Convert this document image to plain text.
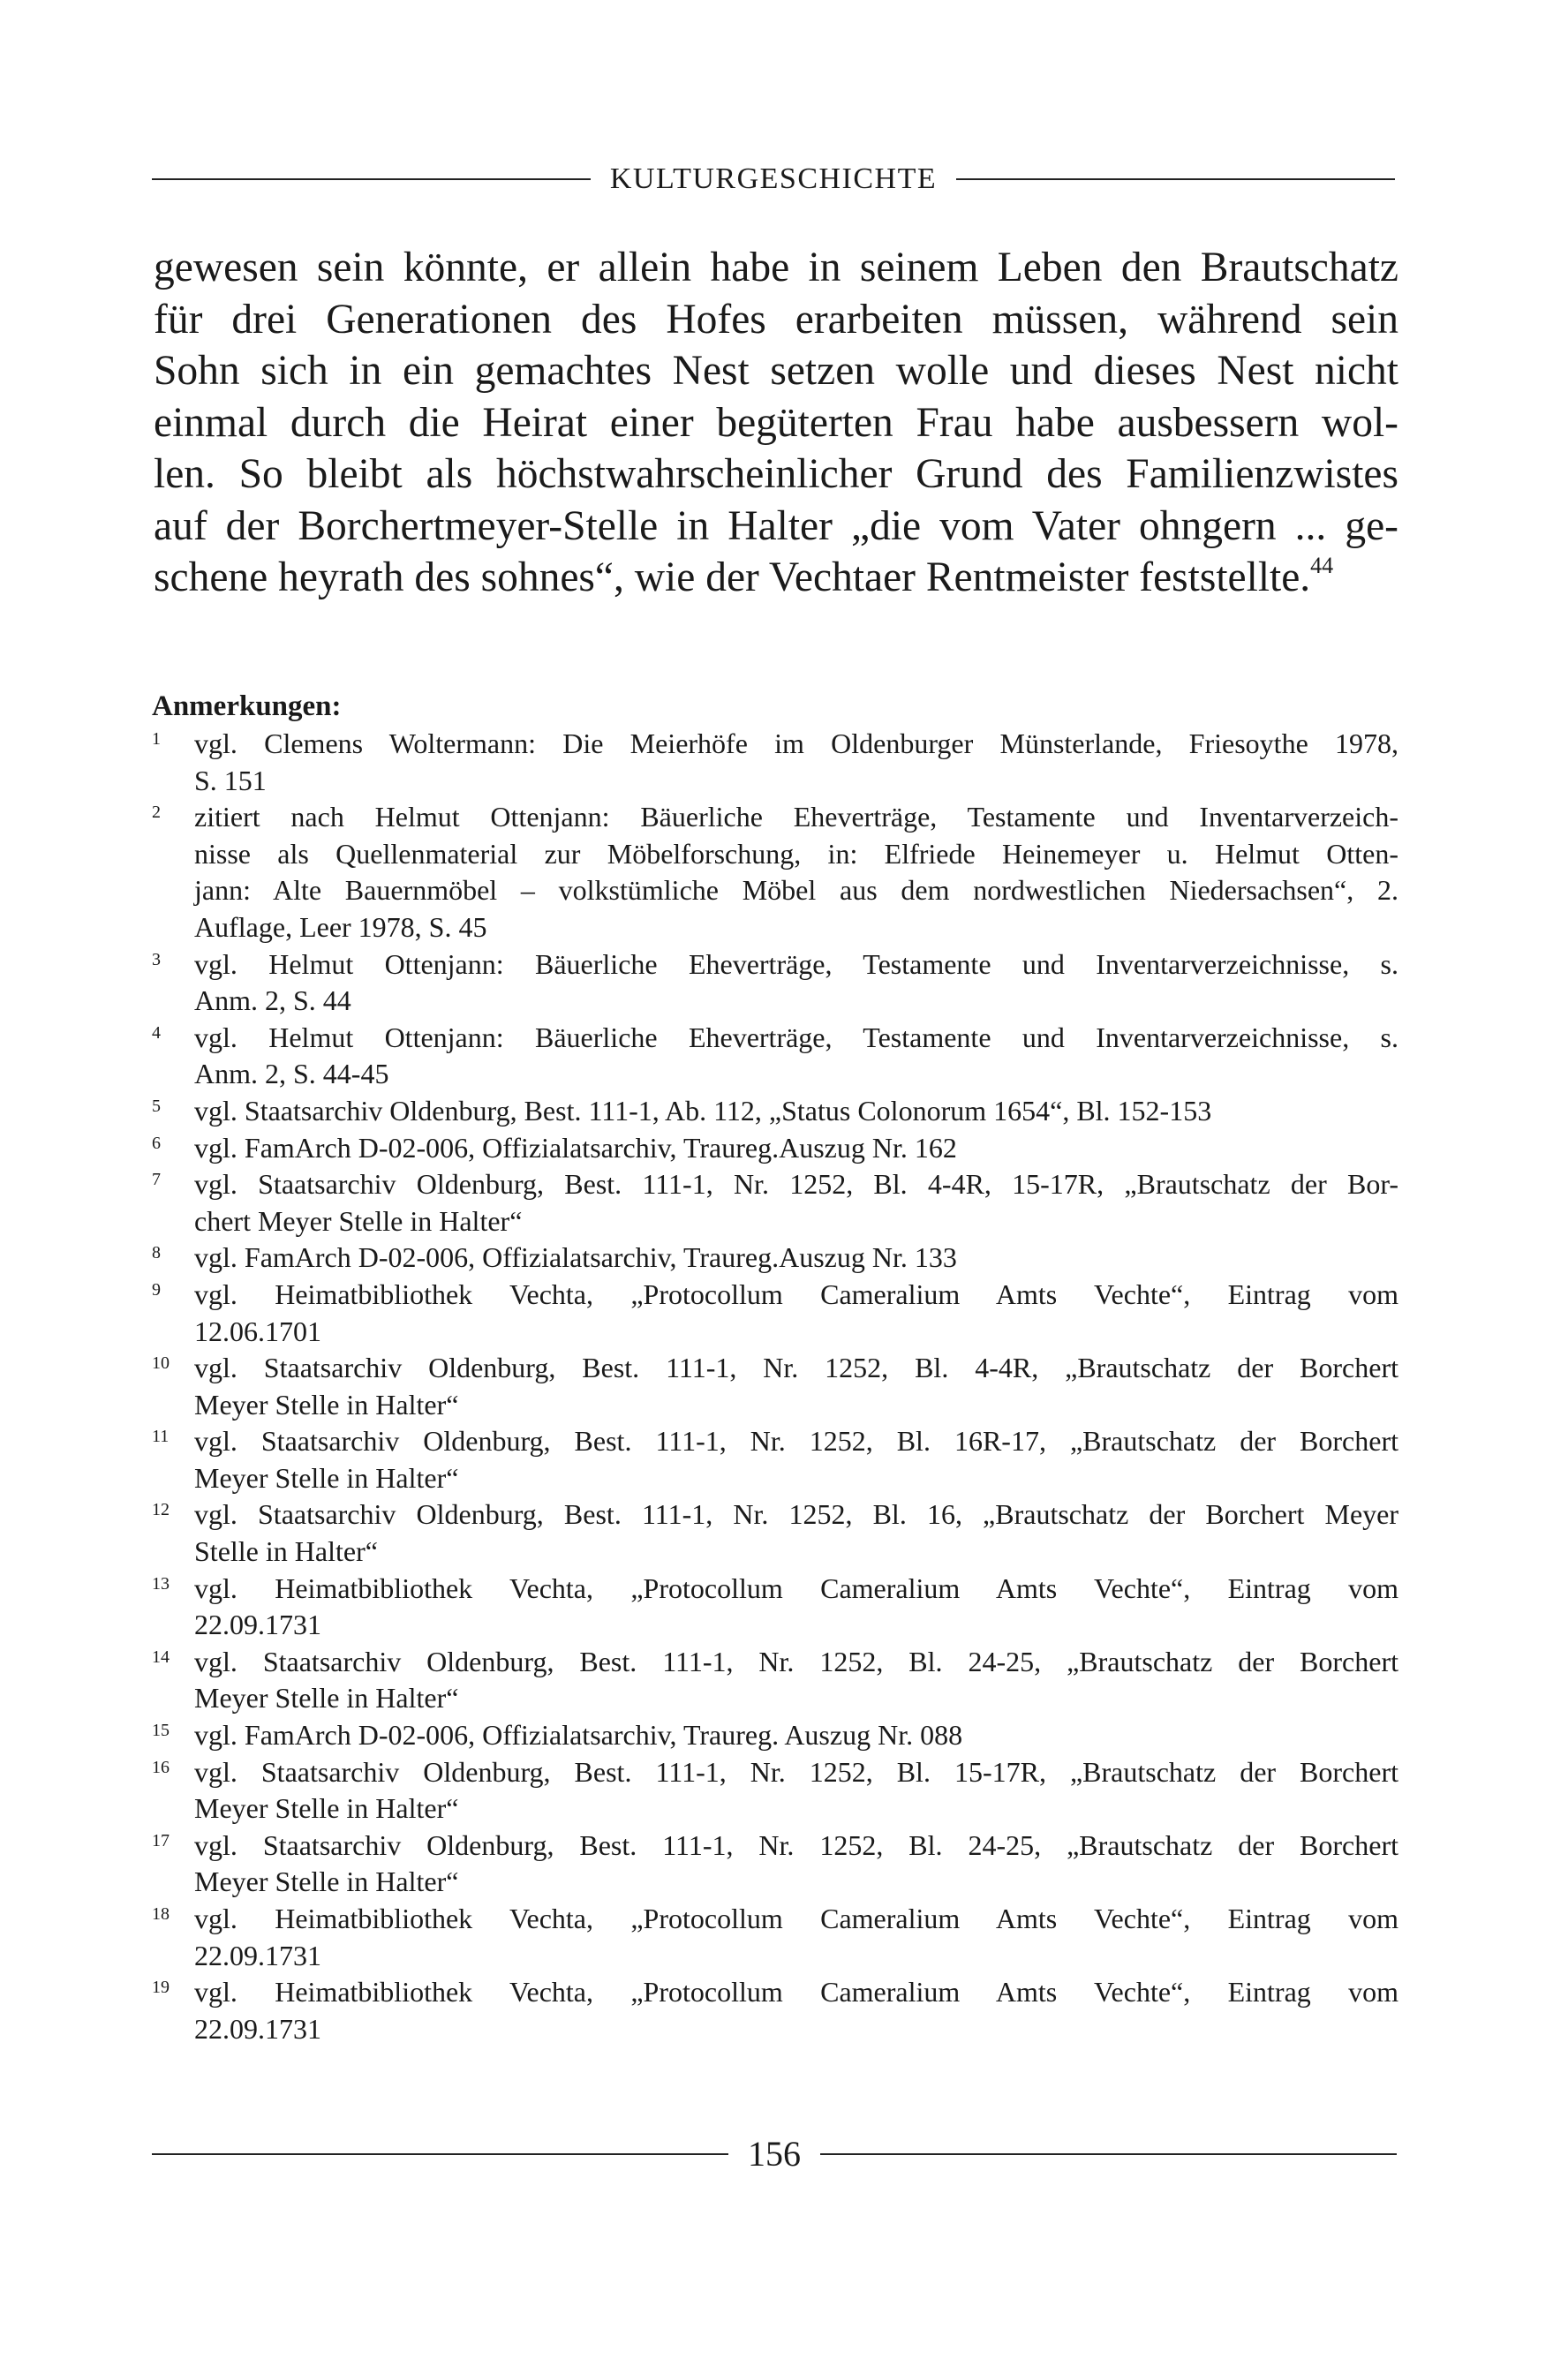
KULTURGESCHICHTE
gewesen sein könnte, er allein habe in seinem Leben den Brautschatz
für drei Generationen des Hofes erarbeiten müssen, während sein
Sohn sich in ein gemachtes Nest setzen wolle und dieses Nest nicht
einmal durch die Heirat einer begüterten Frau habe ausbessern wol-
len. So bleibt als höchstwahrscheinlicher Grund des Familienzwistes
auf der Borchertmeyer-Stelle in Halter „die vom Vater ohngern ... ge-
schene heyrath des sohnes“, wie der Vechtaer Rentmeister feststellte.$^{44}$
Anmerkungen:
1	vgl. Clemens Woltermann: Die Meierhöfe im Oldenburger Münsterlande, Friesoythe 1978,
S. 151
2	zitiert nach Helmut Ottenjann: Bäuerliche Eheverträge, Testamente und Inventarverzeich-
nisse als Quellenmaterial zur Möbelforschung, in: Elfriede Heinemeyer u. Helmut Otten-
jann: Alte Bauernmöbel – volkstümliche Möbel aus dem nordwestlichen Niedersachsen“, 2.
Auflage, Leer 1978, S. 45
3	vgl. Helmut Ottenjann: Bäuerliche Eheverträge, Testamente und Inventarverzeichnisse, s.
Anm. 2, S. 44
4	vgl. Helmut Ottenjann: Bäuerliche Eheverträge, Testamente und Inventarverzeichnisse, s.
Anm. 2, S. 44-45
5	vgl. Staatsarchiv Oldenburg, Best. 111-1, Ab. 112, „Status Colonorum 1654“, Bl. 152-153
6	vgl. FamArch D-02-006, Offizialatsarchiv, Traureg.Auszug Nr. 162
7	vgl. Staatsarchiv Oldenburg, Best. 111-1, Nr. 1252, Bl. 4-4R, 15-17R, „Brautschatz der Bor-
chert Meyer Stelle in Halter“
8	vgl. FamArch D-02-006, Offizialatsarchiv, Traureg.Auszug Nr. 133
9	vgl. Heimatbibliothek Vechta, „Protocollum Cameralium Amts Vechte“, Eintrag vom
12.06.1701
10 vgl. Staatsarchiv Oldenburg, Best. 111-1, Nr. 1252, Bl. 4-4R, „Brautschatz der Borchert
Meyer Stelle in Halter“
11 vgl. Staatsarchiv Oldenburg, Best. 111-1, Nr. 1252, Bl. 16R-17, „Brautschatz der Borchert
Meyer Stelle in Halter“
12 vgl. Staatsarchiv Oldenburg, Best. 111-1, Nr. 1252, Bl. 16, „Brautschatz der Borchert Meyer
Stelle in Halter“
13 vgl. Heimatbibliothek Vechta, „Protocollum Cameralium Amts Vechte“, Eintrag vom
22.09.1731
14 vgl. Staatsarchiv Oldenburg, Best. 111-1, Nr. 1252, Bl. 24-25, „Brautschatz der Borchert
Meyer Stelle in Halter“
15 vgl. FamArch D-02-006, Offizialatsarchiv, Traureg. Auszug Nr. 088
16 vgl. Staatsarchiv Oldenburg, Best. 111-1, Nr. 1252, Bl. 15-17R, „Brautschatz der Borchert
Meyer Stelle in Halter“
17 vgl. Staatsarchiv Oldenburg, Best. 111-1, Nr. 1252, Bl. 24-25, „Brautschatz der Borchert
Meyer Stelle in Halter“
18 vgl. Heimatbibliothek Vechta, „Protocollum Cameralium Amts Vechte“, Eintrag vom
22.09.1731
19 vgl. Heimatbibliothek Vechta, „Protocollum Cameralium Amts Vechte“, Eintrag vom
22.09.1731
156
